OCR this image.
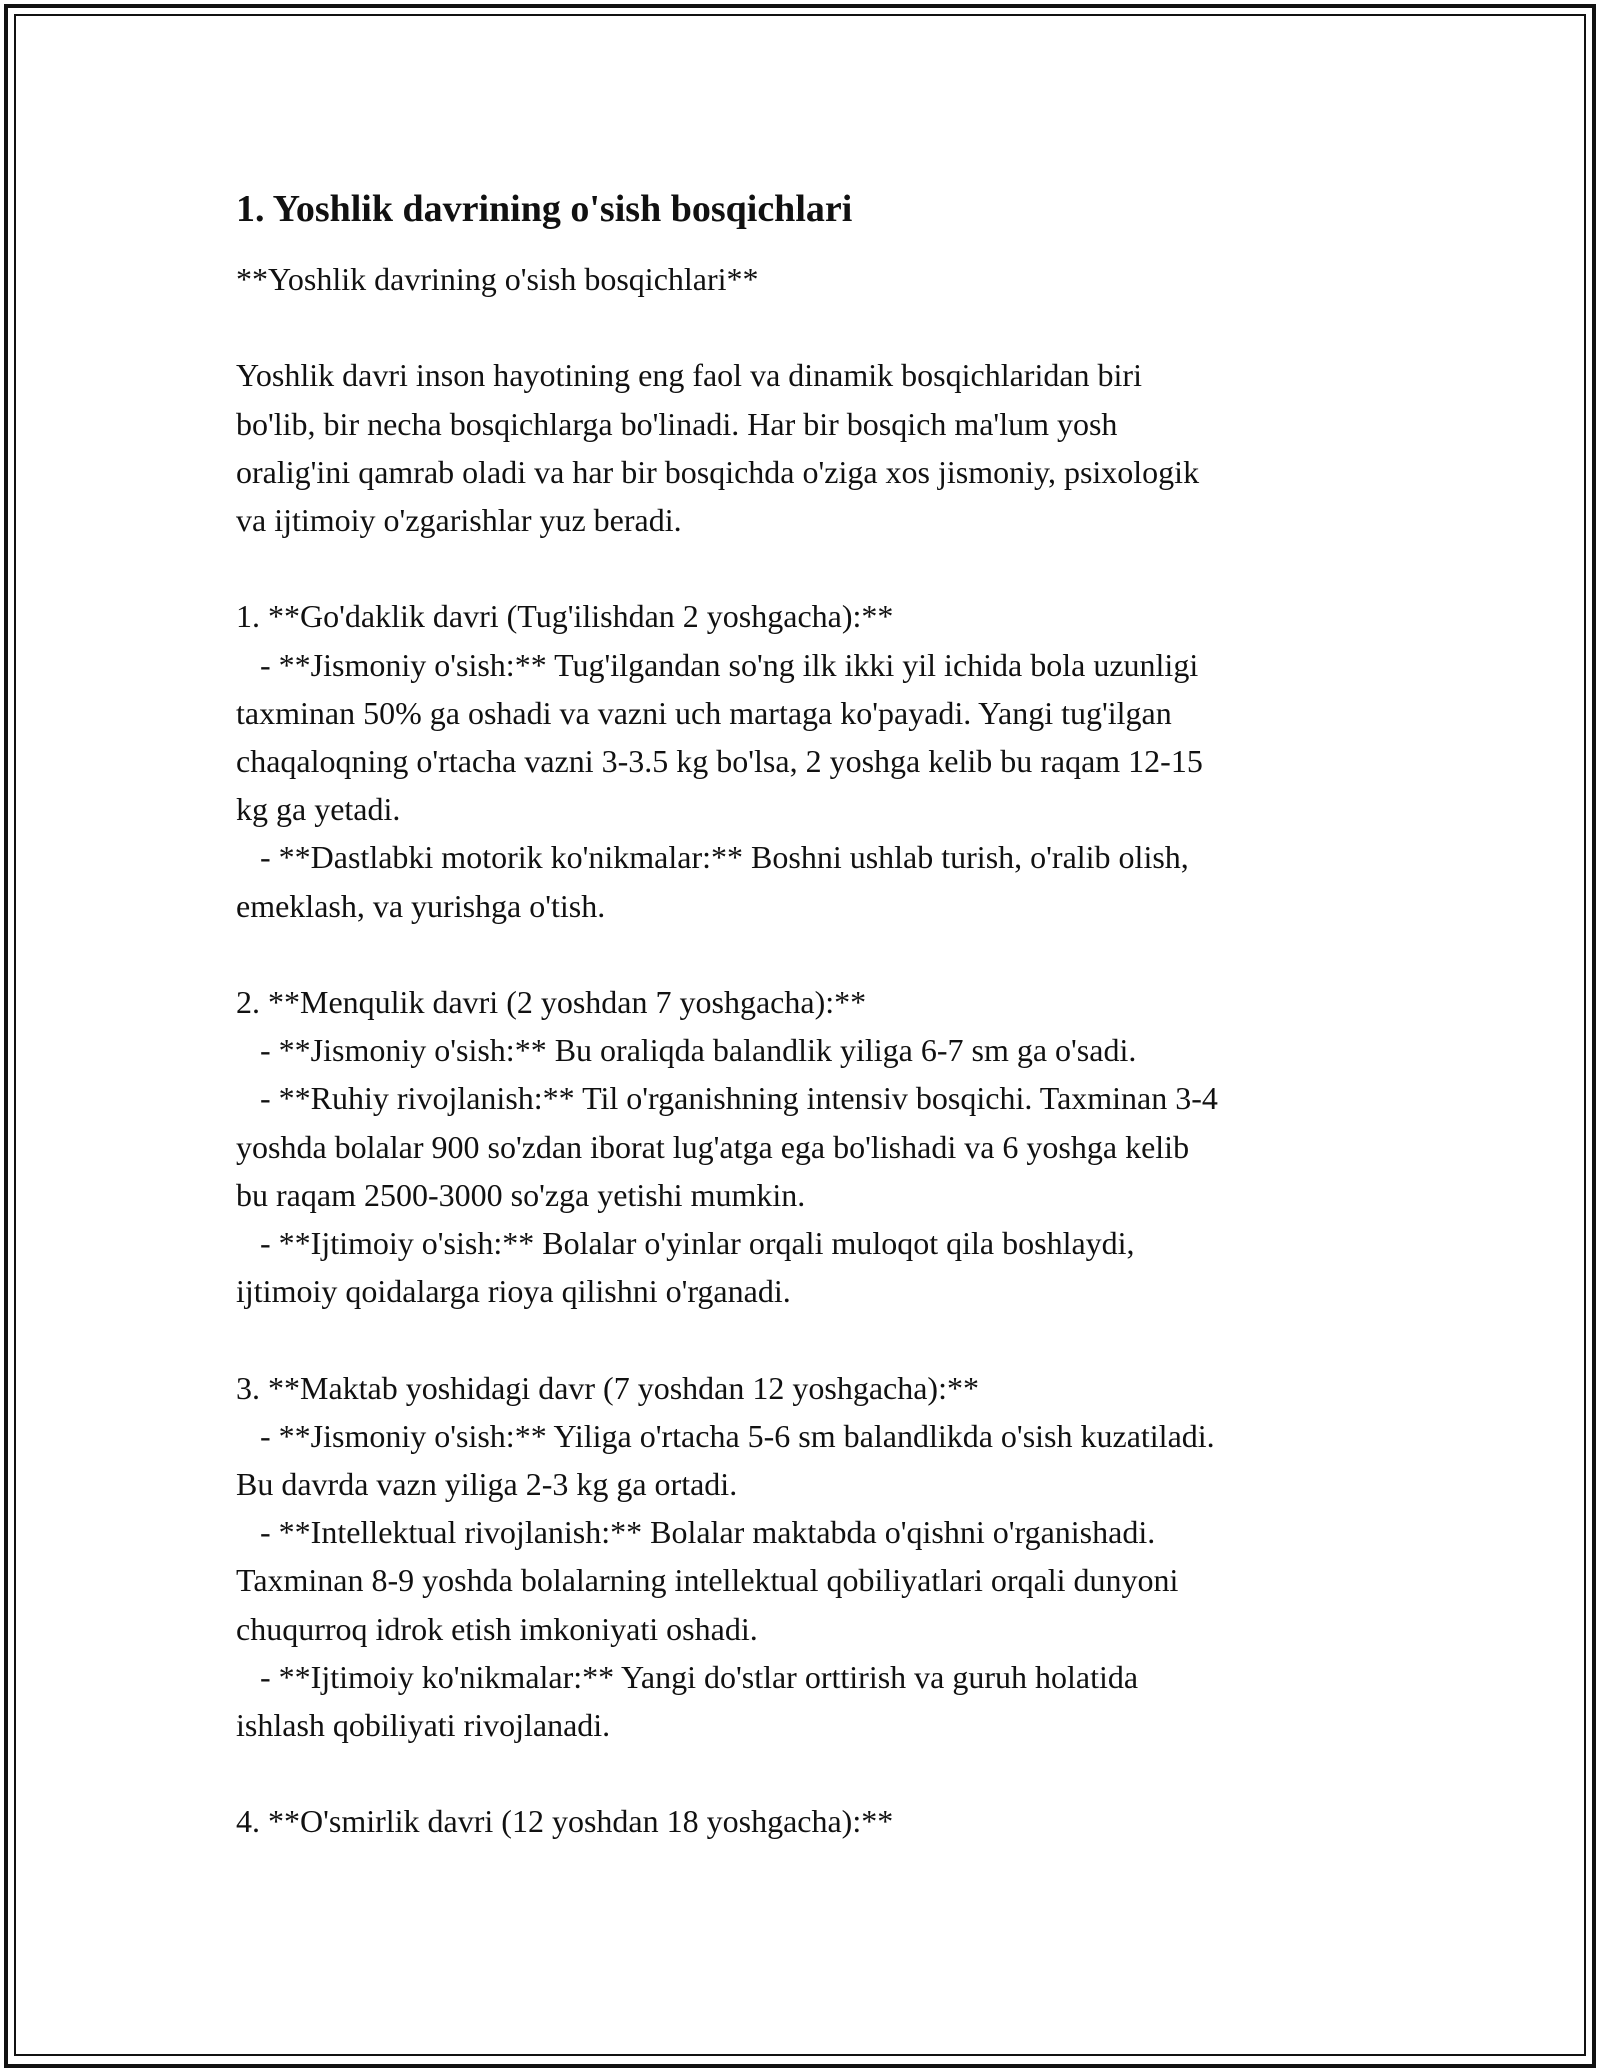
1. Yoshlik davrining o'sish bosqichlari
**Yoshlik davrining o'sish bosqichlari**
Yoshlik davri inson hayotining eng faol va dinamik bosqichlaridan biri
bo'lib, bir necha bosqichlarga bo'linadi. Har bir bosqich ma'lum yosh
oralig'ini qamrab oladi va har bir bosqichda o'ziga xos jismoniy, psixologik
va ijtimoiy o'zgarishlar yuz beradi.
1. **Go'daklik davri (Tug'ilishdan 2 yoshgacha):**
- **Jismoniy o'sish:** Tug'ilgandan so'ng ilk ikki yil ichida bola uzunligi
taxminan 50% ga oshadi va vazni uch martaga ko'payadi. Yangi tug'ilgan
chaqaloqning o'rtacha vazni 3-3.5 kg bo'lsa, 2 yoshga kelib bu raqam 12-15
kg ga yetadi.
- **Dastlabki motorik ko'nikmalar:** Boshni ushlab turish, o'ralib olish,
emeklash, va yurishga o'tish.
2. **Menqulik davri (2 yoshdan 7 yoshgacha):**
- **Jismoniy o'sish:** Bu oraliqda balandlik yiliga 6-7 sm ga o'sadi.
- **Ruhiy rivojlanish:** Til o'rganishning intensiv bosqichi. Taxminan 3-4
yoshda bolalar 900 so'zdan iborat lug'atga ega bo'lishadi va 6 yoshga kelib
bu raqam 2500-3000 so'zga yetishi mumkin.
- **Ijtimoiy o'sish:** Bolalar o'yinlar orqali muloqot qila boshlaydi,
ijtimoiy qoidalarga rioya qilishni o'rganadi.
3. **Maktab yoshidagi davr (7 yoshdan 12 yoshgacha):**
- **Jismoniy o'sish:** Yiliga o'rtacha 5-6 sm balandlikda o'sish kuzatiladi.
Bu davrda vazn yiliga 2-3 kg ga ortadi.
- **Intellektual rivojlanish:** Bolalar maktabda o'qishni o'rganishadi.
Taxminan 8-9 yoshda bolalarning intellektual qobiliyatlari orqali dunyoni
chuqurroq idrok etish imkoniyati oshadi.
- **Ijtimoiy ko'nikmalar:** Yangi do'stlar orttirish va guruh holatida
ishlash qobiliyati rivojlanadi.
4. **O'smirlik davri (12 yoshdan 18 yoshgacha):**
